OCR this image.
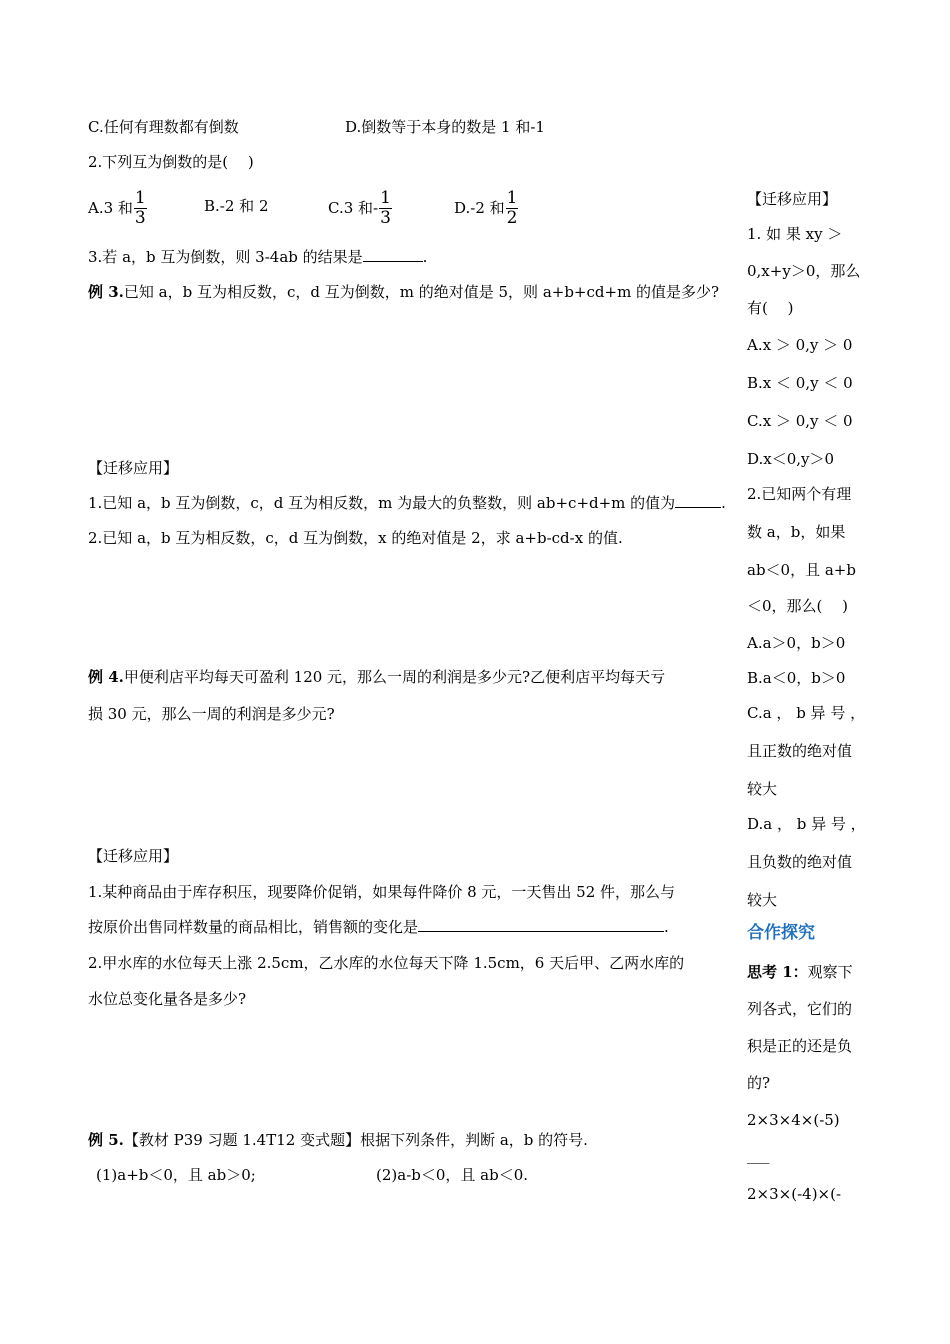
C.任何有理数都有倒数	D.倒数等于本身的数是 1 和-1
2.下列互为倒数的是(　 )
A.3 和 $\frac{1}{3}$	B.-2 和 2	C.3 和- $\frac{1}{3}$	D.-2 和 $\frac{1}{2}$
3.若 a，b 互为倒数，则 3-4ab 的结果是	.
例 3.已知 a，b 互为相反数，c，d 互为倒数，m 的绝对值是 5，则 a+b+cd+m 的值是多少?
【迁移应用】
1.已知 a，b 互为倒数，c，d 互为相反数，m 为最大的负整数，则 ab+c+d+m 的值为	.
2.已知 a，b 互为相反数，c，d 互为倒数，x 的绝对值是 2，求 a+b-cd-x 的值.
例 4.甲便利店平均每天可盈利 120 元，那么一周的利润是多少元?乙便利店平均每天亏
损 30 元，那么一周的利润是多少元?
【迁移应用】
1.某种商品由于库存积压，现要降价促销，如果每件降价 8 元，一天售出 52 件，那么与
按原价出售同样数量的商品相比，销售额的变化是	.
2.甲水库的水位每天上涨 2.5cm，乙水库的水位每天下降 1.5cm，6 天后甲、乙两水库的
水位总变化量各是多少?
例 5.【教材 P39 习题 1.4T12 变式题】根据下列条件，判断 a，b 的符号.
(1)a+b＜0，且 ab＞0;	(2)a-b＜0，且 ab＜0.
【迁移应用】
1. 如 果 xy ＞
0,x+y＞0，那么
有(　 )
A.x ＞ 0,y ＞ 0
B.x ＜ 0,y ＜ 0
C.x ＞ 0,y ＜ 0
D.x＜0,y＞0
2.已知两个有理
数 a，b，如果
ab＜0，且 a+b
＜0，那么(　 )
A.a＞0，b＞0
B.a＜0，b＞0
C.a ， b 异 号 ，
且正数的绝对值
较大
D.a ， b 异 号 ，
且负数的绝对值
较大
合作探究
思考 1：观察下
列各式，它们的
积是正的还是负
的?
2×3×4×(-5)
___
2×3×(-4)×(-
